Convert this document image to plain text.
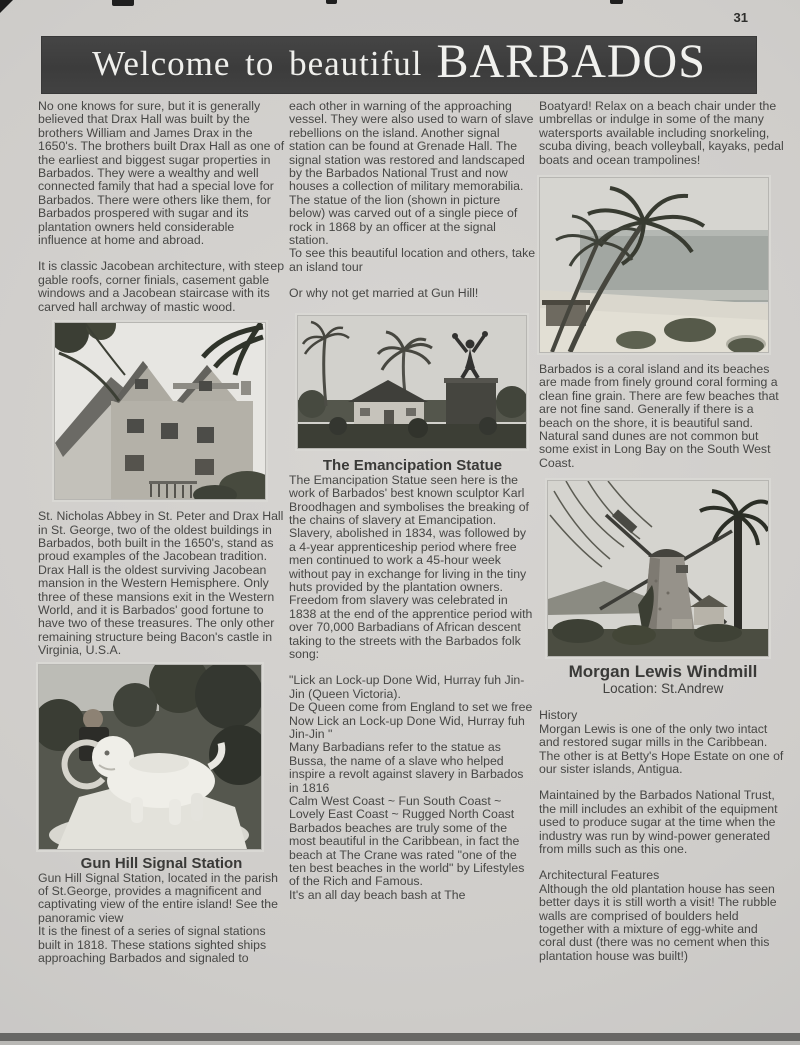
31
Welcome to beautiful BARBADOS

No one knows for sure, but it is generally believed that Drax Hall was built by the brothers William and James Drax in the 1650's. The brothers built Drax Hall as one of the earliest and biggest sugar properties in Barbados. They were a wealthy and well connected family that had a special love for Barbados. There were others like them, for Barbados prospered with sugar and its plantation owners held considerable influence at home and abroad.

It is classic Jacobean architecture, with steep gable roofs, corner finials, casement gable windows and a Jacobean staircase with its carved hall archway of mastic wood.

St. Nicholas Abbey in St. Peter and Drax Hall in St. George, two of the oldest buildings in Barbados, both built in the 1650's, stand as proud examples of the Jacobean tradition. Drax Hall is the oldest surviving Jacobean mansion in the Western Hemisphere. Only three of these mansions exit in the Western World, and it is Barbados' good fortune to have two of these treasures. The only other remaining structure being Bacon's castle in Virginia, U.S.A.

Gun Hill Signal Station

Gun Hill Signal Station, located in the parish of St.George, provides a magnificent and captivating view of the entire island! See the panoramic view

It is the finest of a series of signal stations built in 1818. These stations sighted ships approaching Barbados and signaled to

each other in warning of the approaching vessel. They were also used to warn of slave rebellions on the island. Another signal station can be found at Grenade Hall. The signal station was restored and landscaped by the Barbados National Trust and now houses a collection of military memorabilia.

The statue of the lion (shown in picture below) was carved out of a single piece of rock in 1868 by an officer at the signal station.

To see this beautiful location and others, take an island tour

Or why not get married at Gun Hill!

The Emancipation Statue

The Emancipation Statue seen here is the work of Barbados' best known sculptor Karl Broodhagen and symbolises the breaking of the chains of slavery at Emancipation.

Slavery, abolished in 1834, was followed by a 4-year apprenticeship period where free men continued to work a 45-hour week without pay in exchange for living in the tiny huts provided by the plantation owners.

Freedom from slavery was celebrated in 1838 at the end of the apprentice period with over 70,000 Barbadians of African descent taking to the streets with the Barbados folk song:

"Lick an Lock-up Done Wid, Hurray fuh Jin-Jin (Queen Victoria).

De Queen come from England to set we free

Now Lick an Lock-up Done Wid, Hurray fuh Jin-Jin "

Many Barbadians refer to the statue as Bussa, the name of a slave who helped inspire a revolt against slavery in Barbados in 1816

Calm West Coast ~ Fun South Coast ~ Lovely East Coast ~ Rugged North Coast

Barbados beaches are truly some of the most beautiful in the Caribbean, in fact the beach at The Crane was rated "one of the ten best beaches in the world" by Lifestyles of the Rich and Famous.

It's an all day beach bash at The

Boatyard! Relax on a beach chair under the umbrellas or indulge in some of the many watersports available including snorkeling, scuba diving, beach volleyball, kayaks, pedal boats and ocean trampolines!

Barbados is a coral island and its beaches are made from finely ground coral forming a clean fine grain. There are few beaches that are not fine sand. Generally if there is a beach on the shore, it is beautiful sand. Natural sand dunes are not common but some exist in Long Bay on the South West Coast.

Morgan Lewis Windmill

Location: St.Andrew

History

Morgan Lewis is one of the only two intact and restored sugar mills in the Caribbean. The other is at Betty's Hope Estate on one of our sister islands, Antigua.

Maintained by the Barbados National Trust, the mill includes an exhibit of the equipment used to produce sugar at the time when the industry was run by wind-power generated from mills such as this one.

Architectural Features

Although the old plantation house has seen better days it is still worth a visit! The rubble walls are comprised of boulders held together with a mixture of egg-white and coral dust (there was no cement when this plantation house was built!)
